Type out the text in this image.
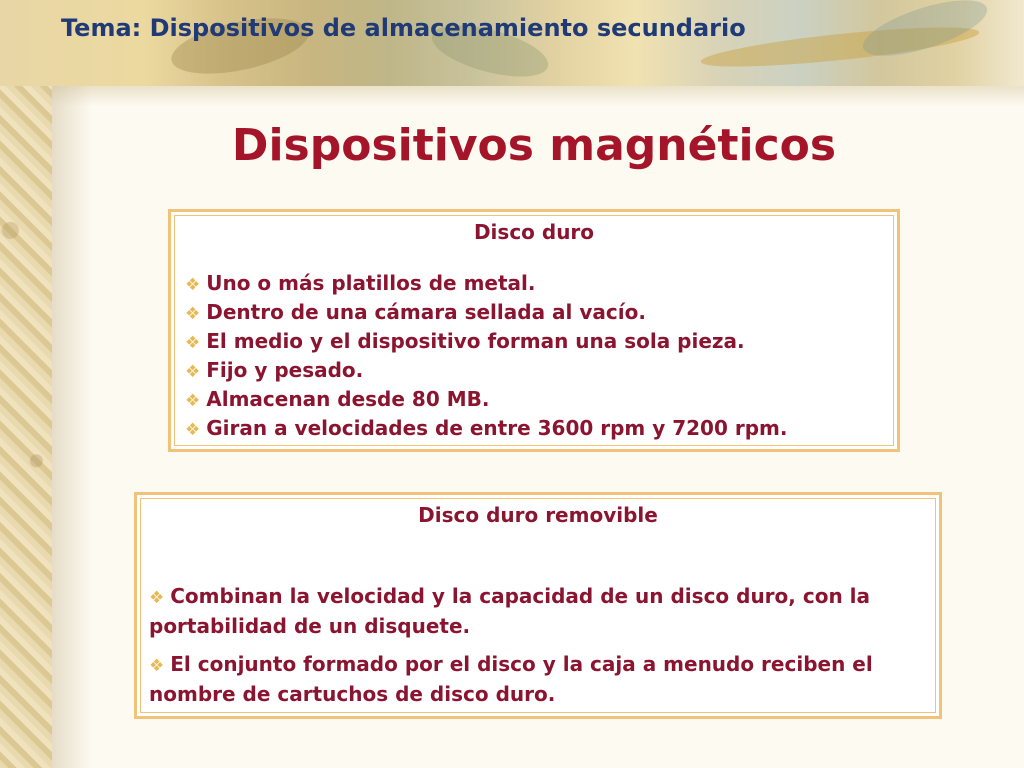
Tema: Dispositivos de almacenamiento secundario
Dispositivos magnéticos

Disco duro

❖ Uno o más platillos de metal.
❖ Dentro de una cámara sellada al vacío.
❖ El medio y el dispositivo forman una sola pieza.
❖ Fijo y pesado.
❖ Almacenan desde 80 MB.
❖ Giran a velocidades de entre 3600 rpm y 7200 rpm.

Disco duro removible

❖ Combinan la velocidad y la capacidad de un disco duro, con la portabilidad de un disquete.
❖ El conjunto formado por el disco y la caja a menudo reciben el nombre de cartuchos de disco duro.
